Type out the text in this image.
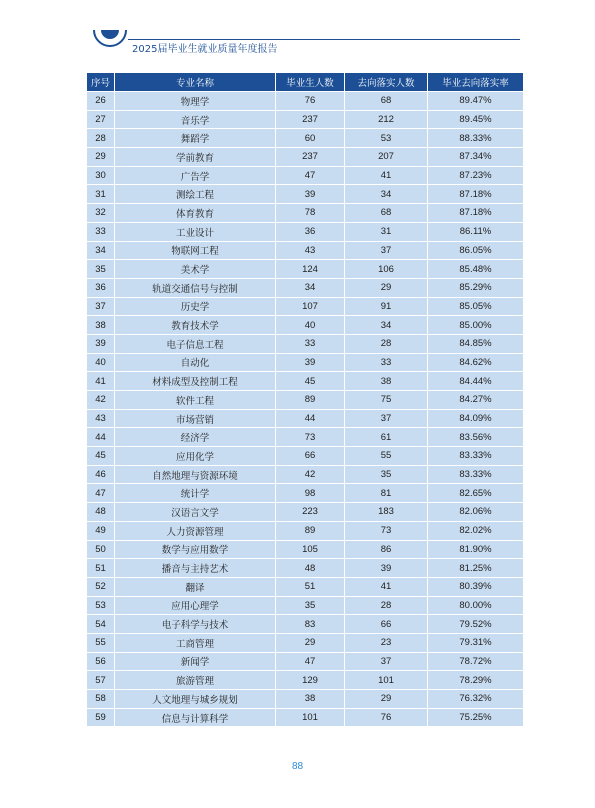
2025届毕业生就业质量年度报告
序号	专业名称	毕业生人数	去向落实人数	毕业去向落实率
26	物理学	76	68	89.47%
27	音乐学	237	212	89.45%
28	舞蹈学	60	53	88.33%
29	学前教育	237	207	87.34%
30	广告学	47	41	87.23%
31	测绘工程	39	34	87.18%
32	体育教育	78	68	87.18%
33	工业设计	36	31	86.11%
34	物联网工程	43	37	86.05%
35	美术学	124	106	85.48%
36	轨道交通信号与控制	34	29	85.29%
37	历史学	107	91	85.05%
38	教育技术学	40	34	85.00%
39	电子信息工程	33	28	84.85%
40	自动化	39	33	84.62%
41	材料成型及控制工程	45	38	84.44%
42	软件工程	89	75	84.27%
43	市场营销	44	37	84.09%
44	经济学	73	61	83.56%
45	应用化学	66	55	83.33%
46	自然地理与资源环境	42	35	83.33%
47	统计学	98	81	82.65%
48	汉语言文学	223	183	82.06%
49	人力资源管理	89	73	82.02%
50	数学与应用数学	105	86	81.90%
51	播音与主持艺术	48	39	81.25%
52	翻译	51	41	80.39%
53	应用心理学	35	28	80.00%
54	电子科学与技术	83	66	79.52%
55	工商管理	29	23	79.31%
56	新闻学	47	37	78.72%
57	旅游管理	129	101	78.29%
58	人文地理与城乡规划	38	29	76.32%
59	信息与计算科学	101	76	75.25%
88
